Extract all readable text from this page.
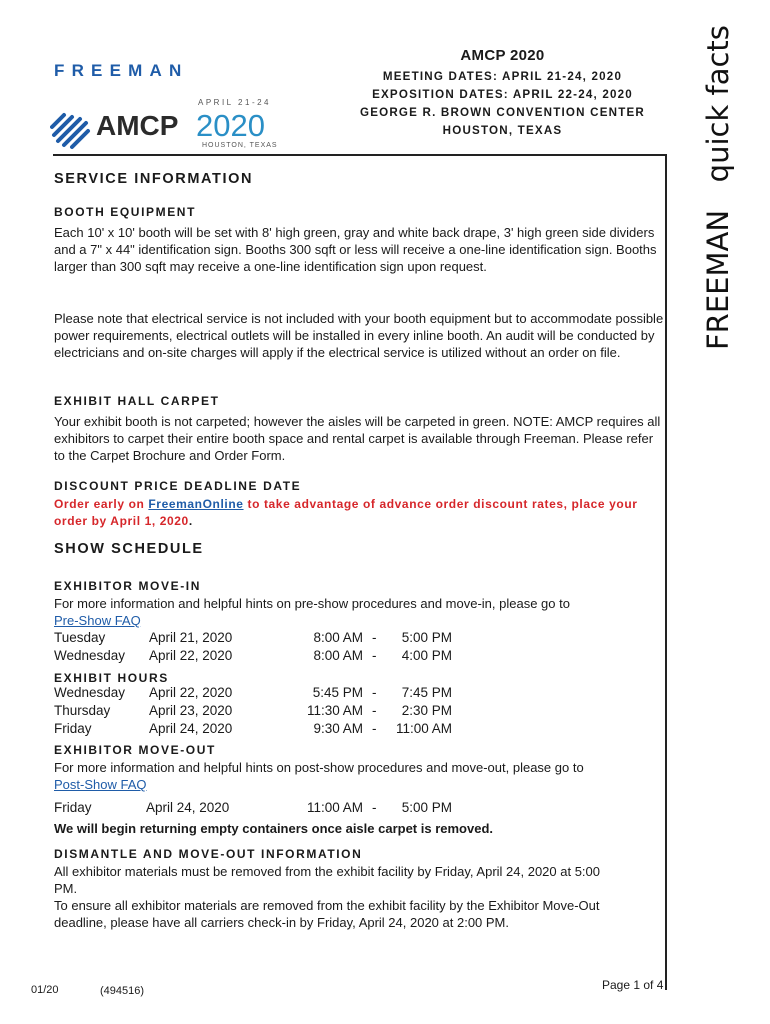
FREEMAN
APRIL 21-24
AMCP 2020
HOUSTON, TEXAS
AMCP 2020
MEETING DATES: APRIL 21-24, 2020
EXPOSITION DATES: APRIL 22-24, 2020
GEORGE R. BROWN CONVENTION CENTER
HOUSTON, TEXAS	FREEMAN   quick facts
SERVICE INFORMATION
BOOTH EQUIPMENT
Each 10' x 10' booth will be set with 8' high green, gray and white back drape, 3' high green side dividers and a 7" x 44" identification sign. Booths 300 sqft or less will receive a one-line identification sign. Booths larger than 300 sqft may receive a one-line identification sign upon request.
Please note that electrical service is not included with your booth equipment but to accommodate possible power requirements, electrical outlets will be installed in every inline booth. An audit will be conducted by electricians and on-site charges will apply if the electrical service is utilized without an order on file.
EXHIBIT HALL CARPET
Your exhibit booth is not carpeted; however the aisles will be carpeted in green. NOTE: AMCP requires all exhibitors to carpet their entire booth space and rental carpet is available through Freeman. Please refer to the Carpet Brochure and Order Form.
DISCOUNT PRICE DEADLINE DATE
Order early on FreemanOnline to take advantage of advance order discount rates, place your order by April 1, 2020.
SHOW SCHEDULE
EXHIBITOR MOVE-IN
For more information and helpful hints on pre-show procedures and move-in, please go to
Pre-Show FAQ
Tuesday	April 21, 2020	8:00 AM - 5:00 PM
Wednesday April 22, 2020	8:00 AM - 4:00 PM
EXHIBIT HOURS
Wednesday April 22, 2020	5:45 PM - 7:45 PM
Thursday	April 23, 2020	11:30 AM - 2:30 PM
Friday	April 24, 2020	9:30 AM - 11:00 AM
EXHIBITOR MOVE-OUT
For more information and helpful hints on post-show procedures and move-out, please go to
Post-Show FAQ
Friday	April 24, 2020	11:00 AM - 5:00 PM
We will begin returning empty containers once aisle carpet is removed.
DISMANTLE AND MOVE-OUT INFORMATION
All exhibitor materials must be removed from the exhibit facility by Friday, April 24, 2020 at 5:00 PM.
To ensure all exhibitor materials are removed from the exhibit facility by the Exhibitor Move-Out deadline, please have all carriers check-in by Friday, April 24, 2020 at 2:00 PM.
01/20	(494516)	Page 1 of 4
